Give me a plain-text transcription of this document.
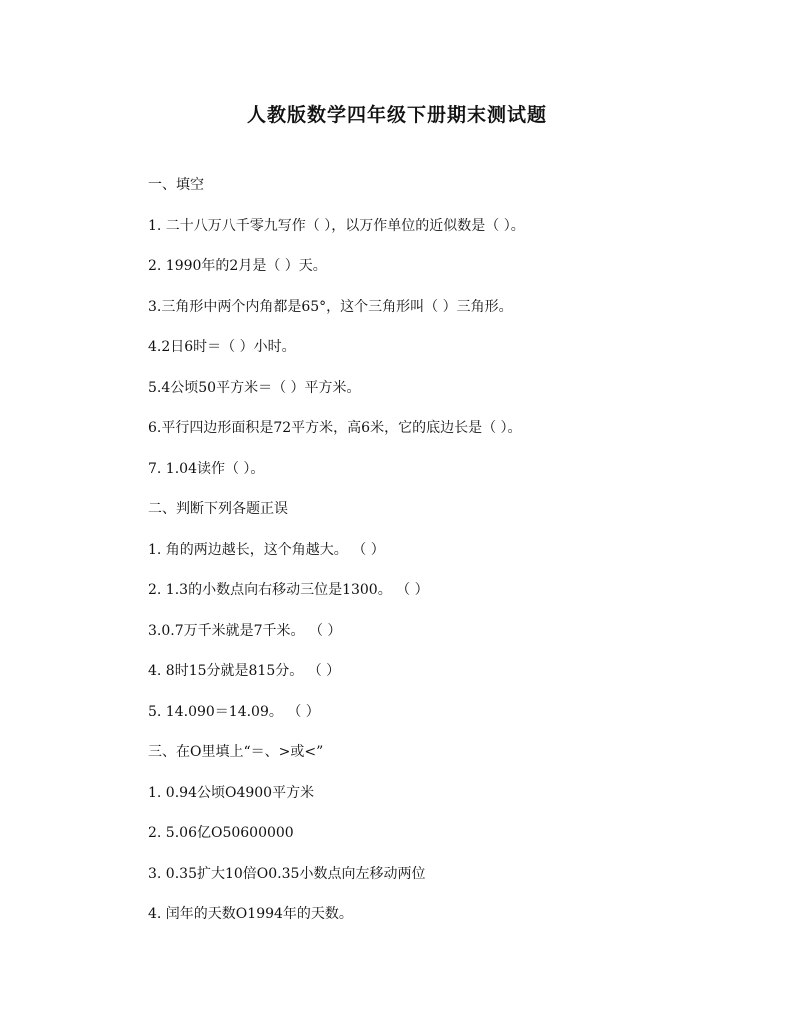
人教版数学四年级下册期末测试题

一、填空

1. 二十八万八千零九写作（ ），以万作单位的近似数是（ ）。

2. 1990年的2月是（ ）天。

3.三角形中两个内角都是65°，这个三角形叫（ ）三角形。

4.2日6时＝（ ）小时。

5.4公顷50平方米＝（ ）平方米。

6.平行四边形面积是72平方米，高6米，它的底边长是（ ）。

7. 1.04读作（ ）。

二、判断下列各题正误

1. 角的两边越长，这个角越大。 （ ）

2. 1.3的小数点向右移动三位是1300。 （ ）

3.0.7万千米就是7千米。 （ ）

4. 8时15分就是815分。 （ ）

5. 14.090＝14.09。 （ ）

三、在O里填上“＝、>或<”

1. 0.94公顷O4900平方米

2. 5.06亿O50600000

3. 0.35扩大10倍O0.35小数点向左移动两位

4. 闰年的天数O1994年的天数。
